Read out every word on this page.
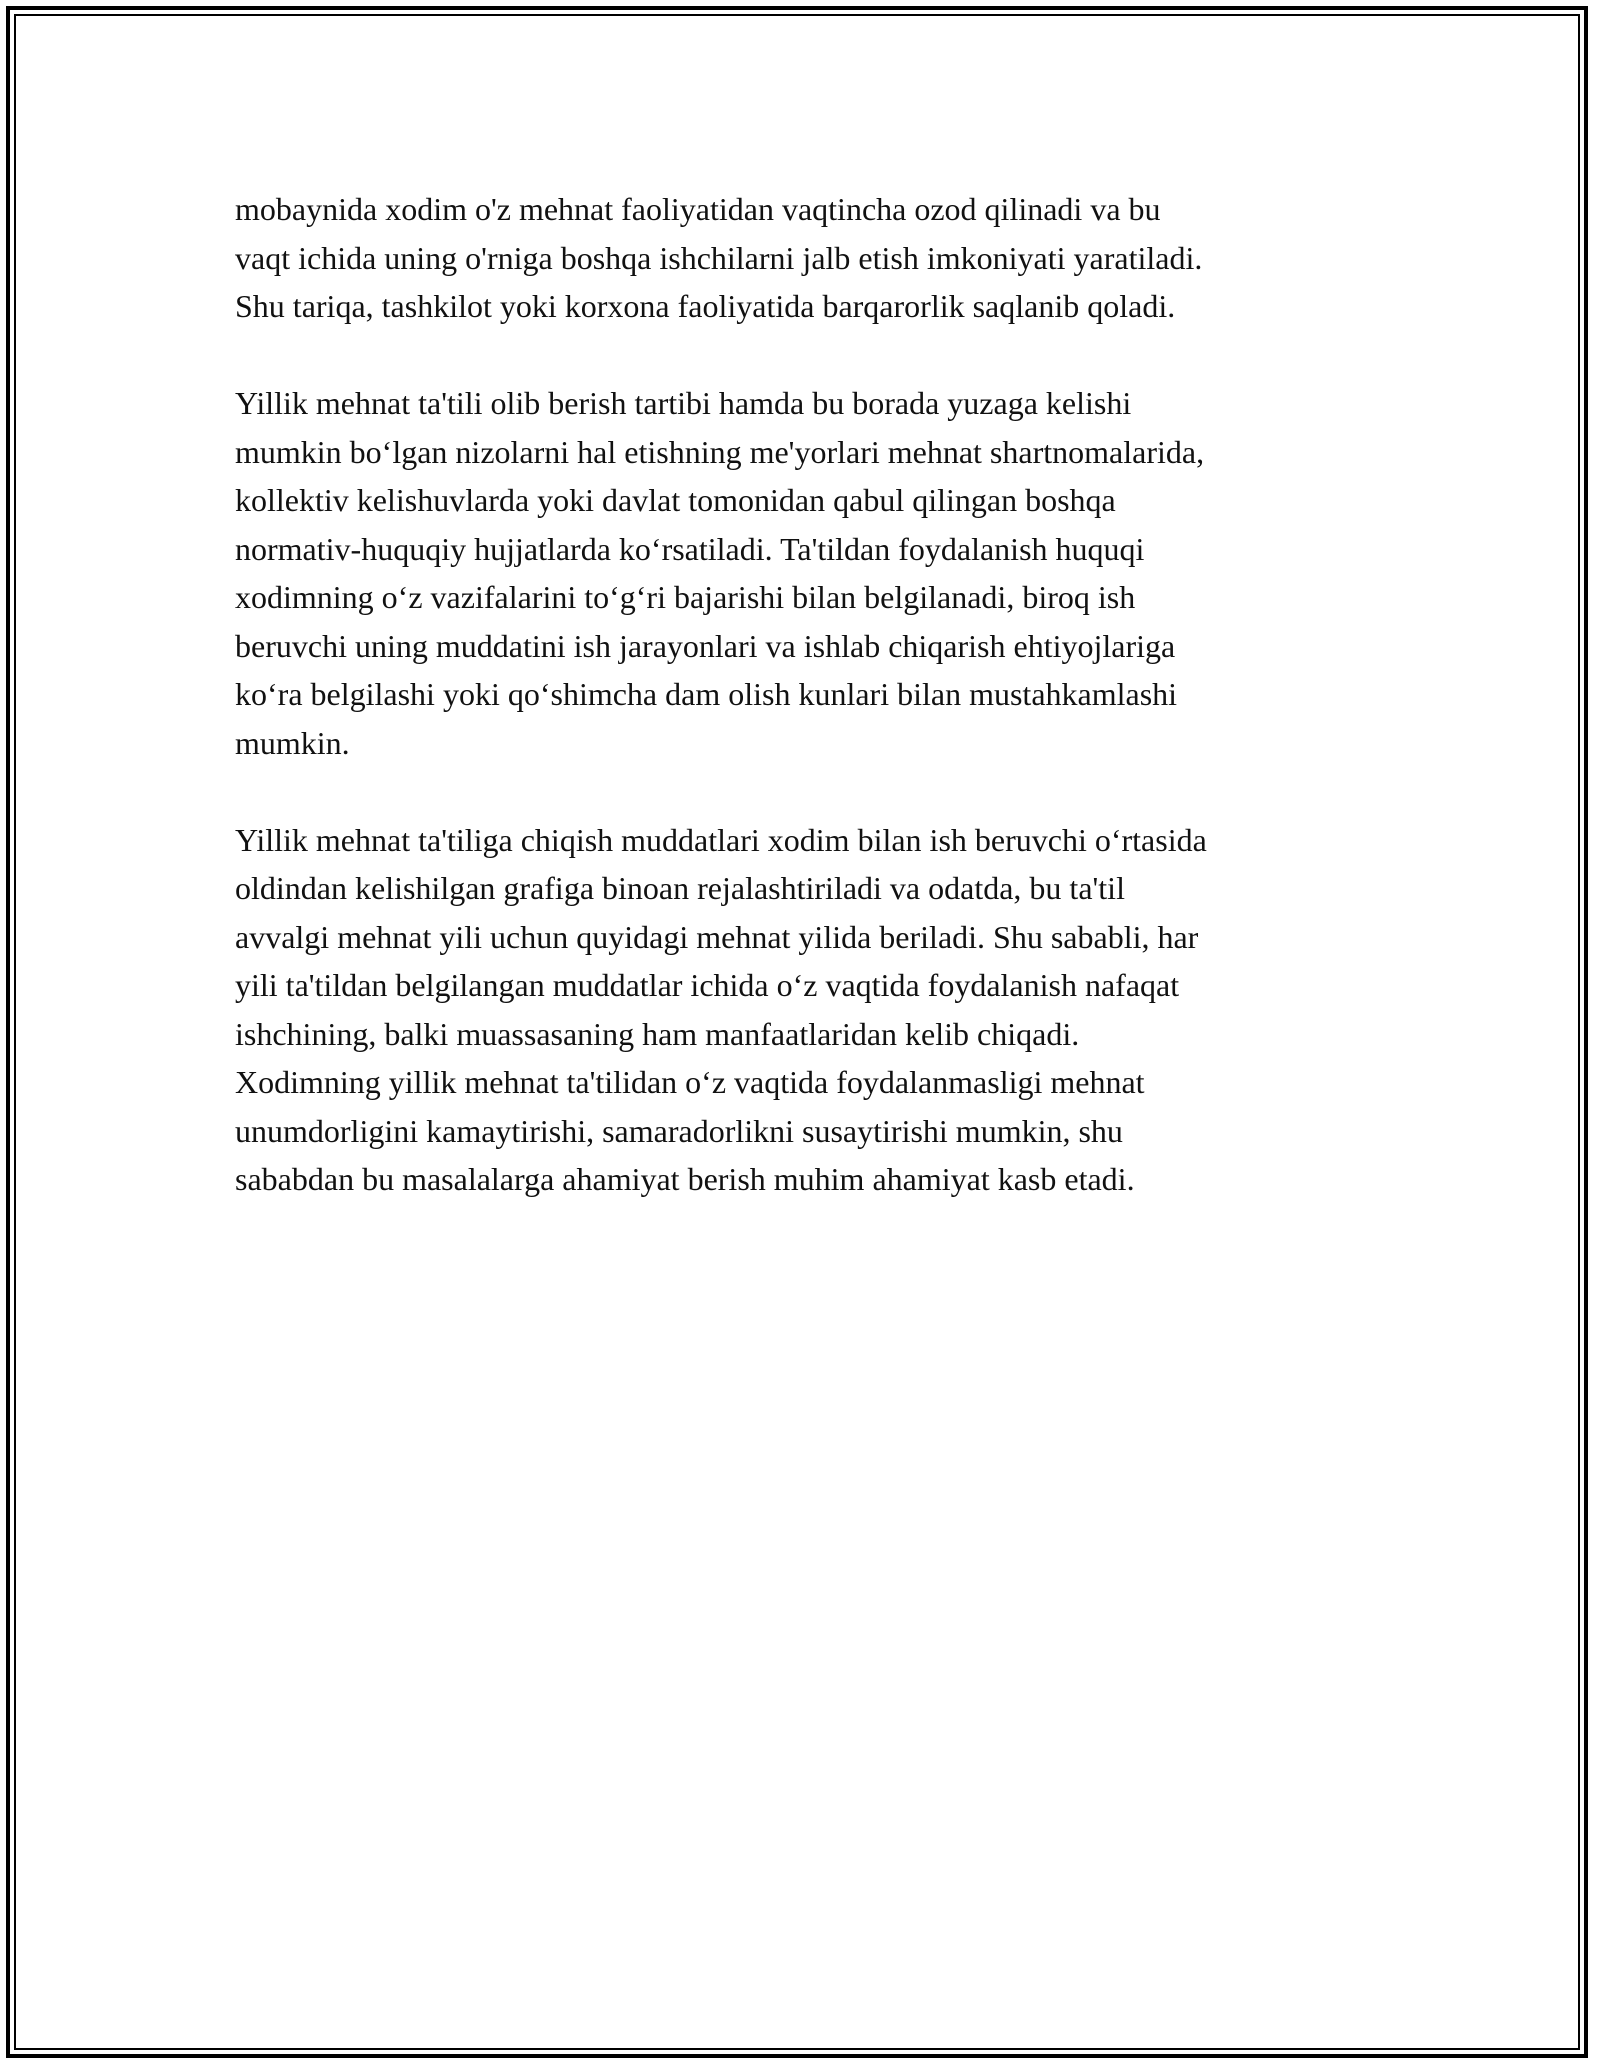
mobaynida xodim o'z mehnat faoliyatidan vaqtincha ozod qilinadi va bu
vaqt ichida uning o'rniga boshqa ishchilarni jalb etish imkoniyati yaratiladi.
Shu tariqa, tashkilot yoki korxona faoliyatida barqarorlik saqlanib qoladi.

Yillik mehnat ta'tili olib berish tartibi hamda bu borada yuzaga kelishi
mumkin bo‘lgan nizolarni hal etishning me'yorlari mehnat shartnomalarida,
kollektiv kelishuvlarda yoki davlat tomonidan qabul qilingan boshqa
normativ-huquqiy hujjatlarda ko‘rsatiladi. Ta'tildan foydalanish huquqi
xodimning o‘z vazifalarini to‘g‘ri bajarishi bilan belgilanadi, biroq ish
beruvchi uning muddatini ish jarayonlari va ishlab chiqarish ehtiyojlariga
ko‘ra belgilashi yoki qo‘shimcha dam olish kunlari bilan mustahkamlashi
mumkin.

Yillik mehnat ta'tiliga chiqish muddatlari xodim bilan ish beruvchi o‘rtasida
oldindan kelishilgan grafiga binoan rejalashtiriladi va odatda, bu ta'til
avvalgi mehnat yili uchun quyidagi mehnat yilida beriladi. Shu sababli, har
yili ta'tildan belgilangan muddatlar ichida o‘z vaqtida foydalanish nafaqat
ishchining, balki muassasaning ham manfaatlaridan kelib chiqadi.
Xodimning yillik mehnat ta'tilidan o‘z vaqtida foydalanmasligi mehnat
unumdorligini kamaytirishi, samaradorlikni susaytirishi mumkin, shu
sababdan bu masalalarga ahamiyat berish muhim ahamiyat kasb etadi.
